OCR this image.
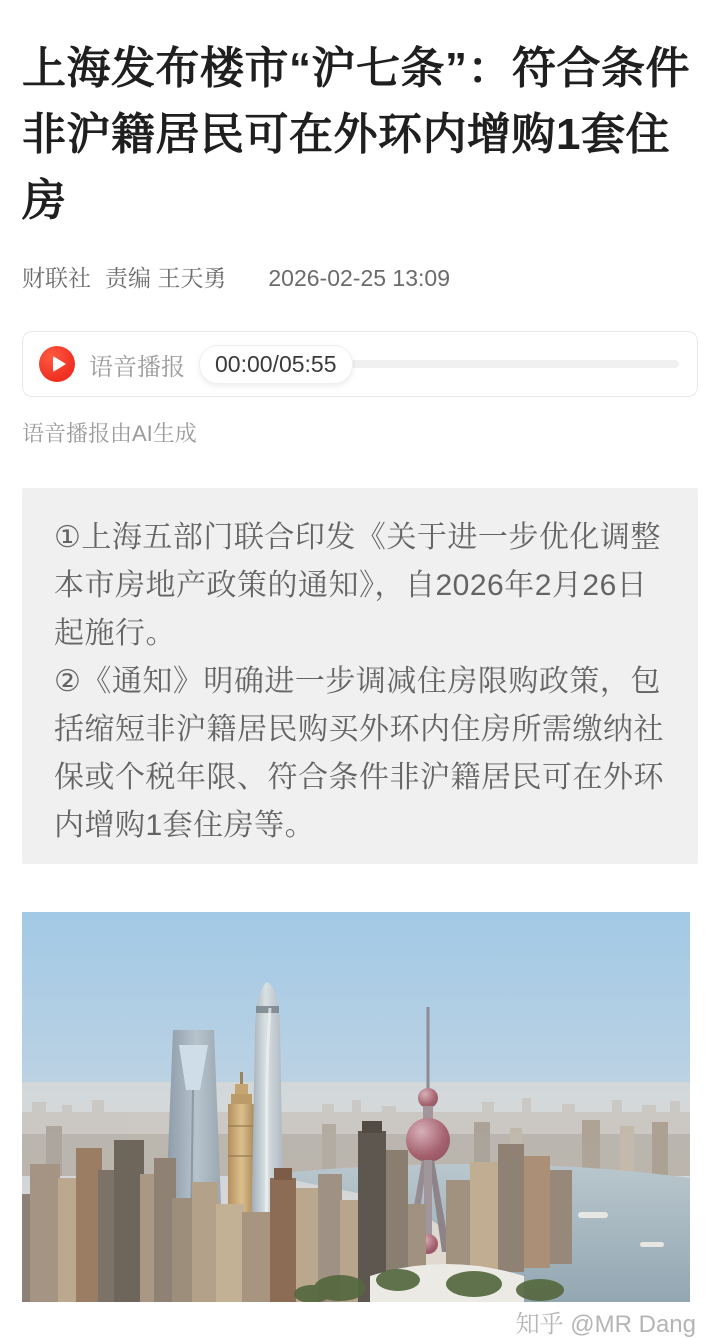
上海发布楼市“沪七条”：符合条件非沪籍居民可在外环内增购1套住房
财联社 责编 王天勇 2026-02-25 13:09
语音播报	00:00/05:55
语音播报由AI生成

①上海五部门联合印发《关于进一步优化调整本市房地产政策的通知》，自2026年2月26日起施行。

②《通知》明确进一步调减住房限购政策，包括缩短非沪籍居民购买外环内住房所需缴纳社保或个税年限、符合条件非沪籍居民可在外环内增购1套住房等。

知乎 @MR Dang
